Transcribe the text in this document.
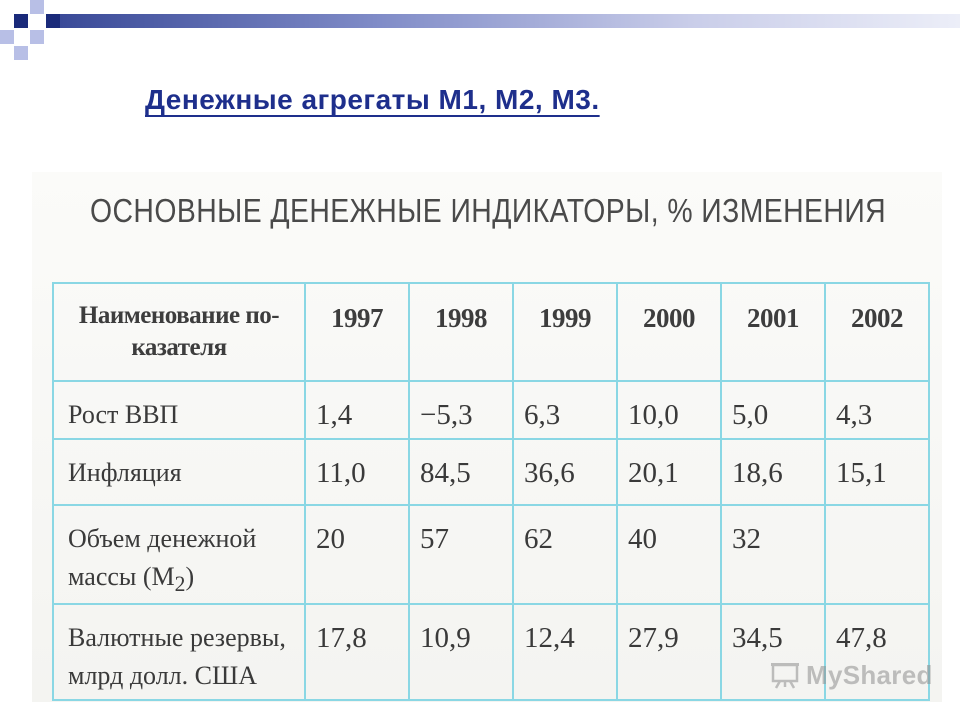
Денежные агрегаты М1, М2, М3.
ОСНОВНЫЕ ДЕНЕЖНЫЕ ИНДИКАТОРЫ, % ИЗМЕНЕНИЯ
Наименование по-
казателя	1997	1998	1999	2000	2001	2002
Рост ВВП	1,4	−5,3	6,3	10,0	5,0	4,3
Инфляция	11,0	84,5	36,6	20,1	18,6	15,1
Объем денежной
массы $(M_2)$	20	57	62	40	32	
Валютные резервы,
млрд долл. США	17,8	10,9	12,4	27,9	34,5	47,8
MyShared
